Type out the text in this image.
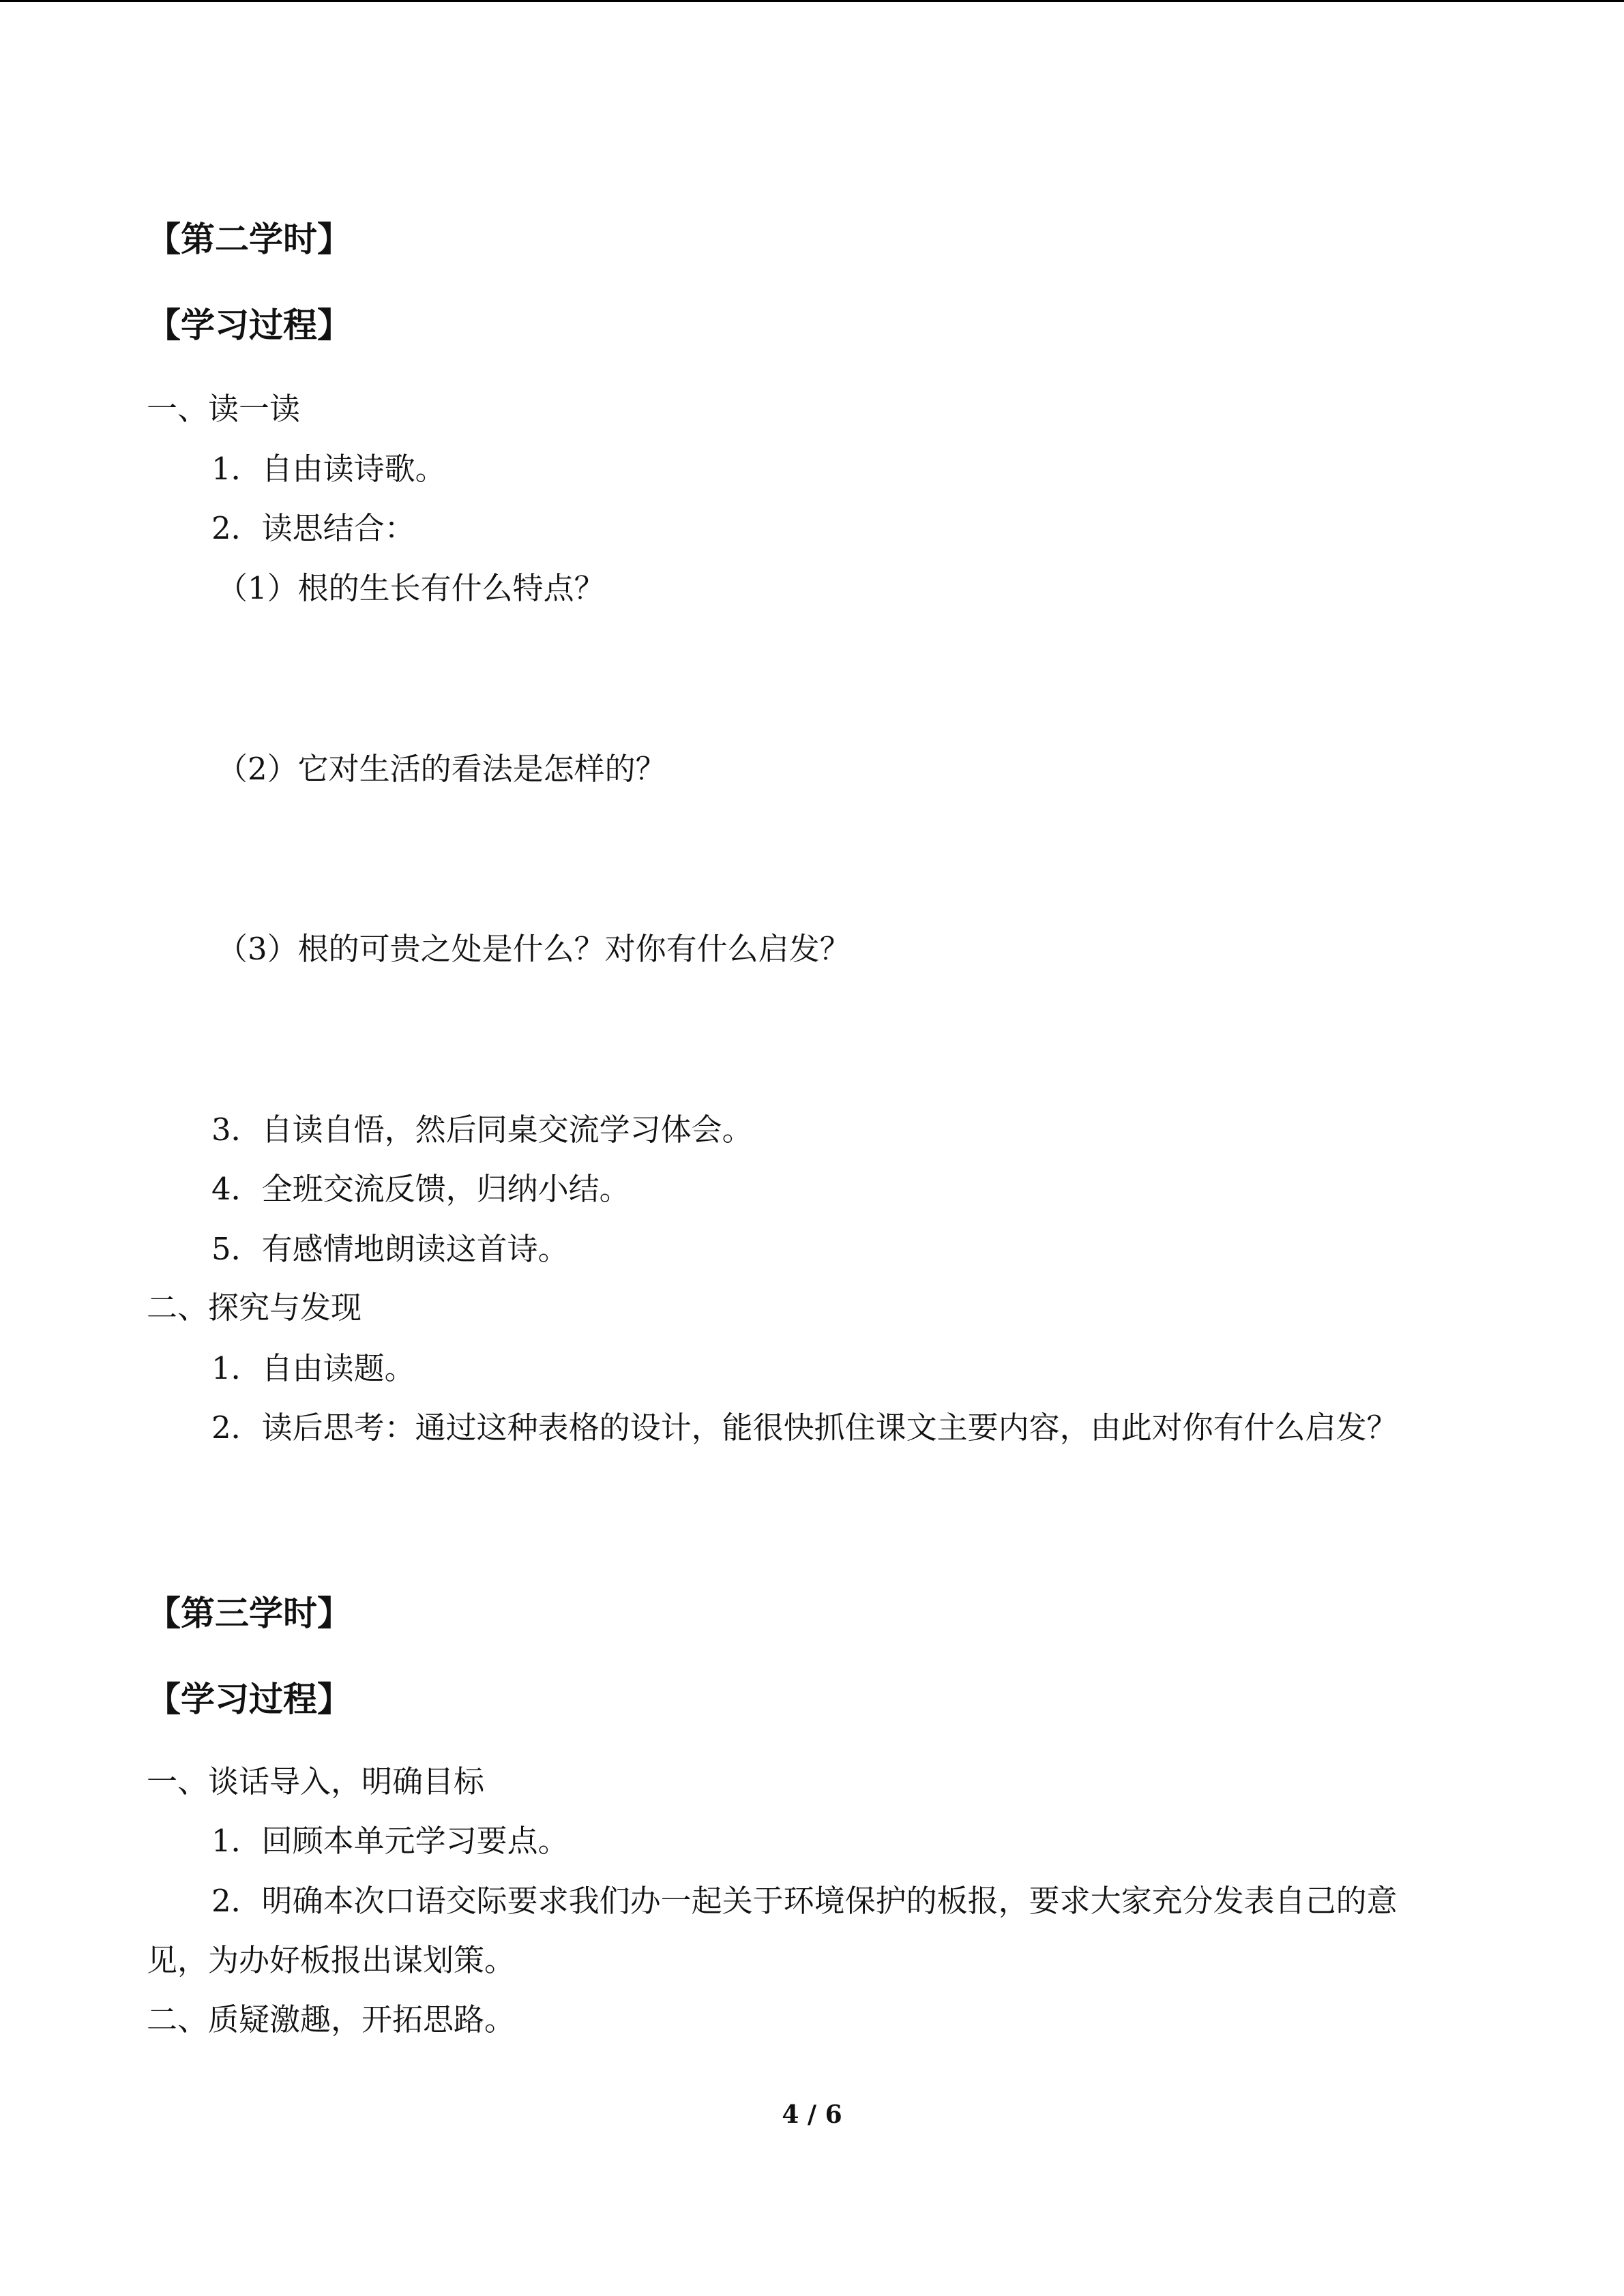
【第二学时】
【学习过程】
一、读一读
1．自由读诗歌。
2．读思结合：
（1）根的生长有什么特点？
（2）它对生活的看法是怎样的？
（3）根的可贵之处是什么？对你有什么启发？
3．自读自悟，然后同桌交流学习体会。
4．全班交流反馈，归纳小结。
5．有感情地朗读这首诗。
二、探究与发现
1．自由读题。
2．读后思考：通过这种表格的设计，能很快抓住课文主要内容，由此对你有什么启发？
【第三学时】
【学习过程】
一、谈话导入，明确目标
1．回顾本单元学习要点。
2．明确本次口语交际要求我们办一起关于环境保护的板报，要求大家充分发表自己的意
见，为办好板报出谋划策。
二、质疑激趣，开拓思路。
4 / 6
